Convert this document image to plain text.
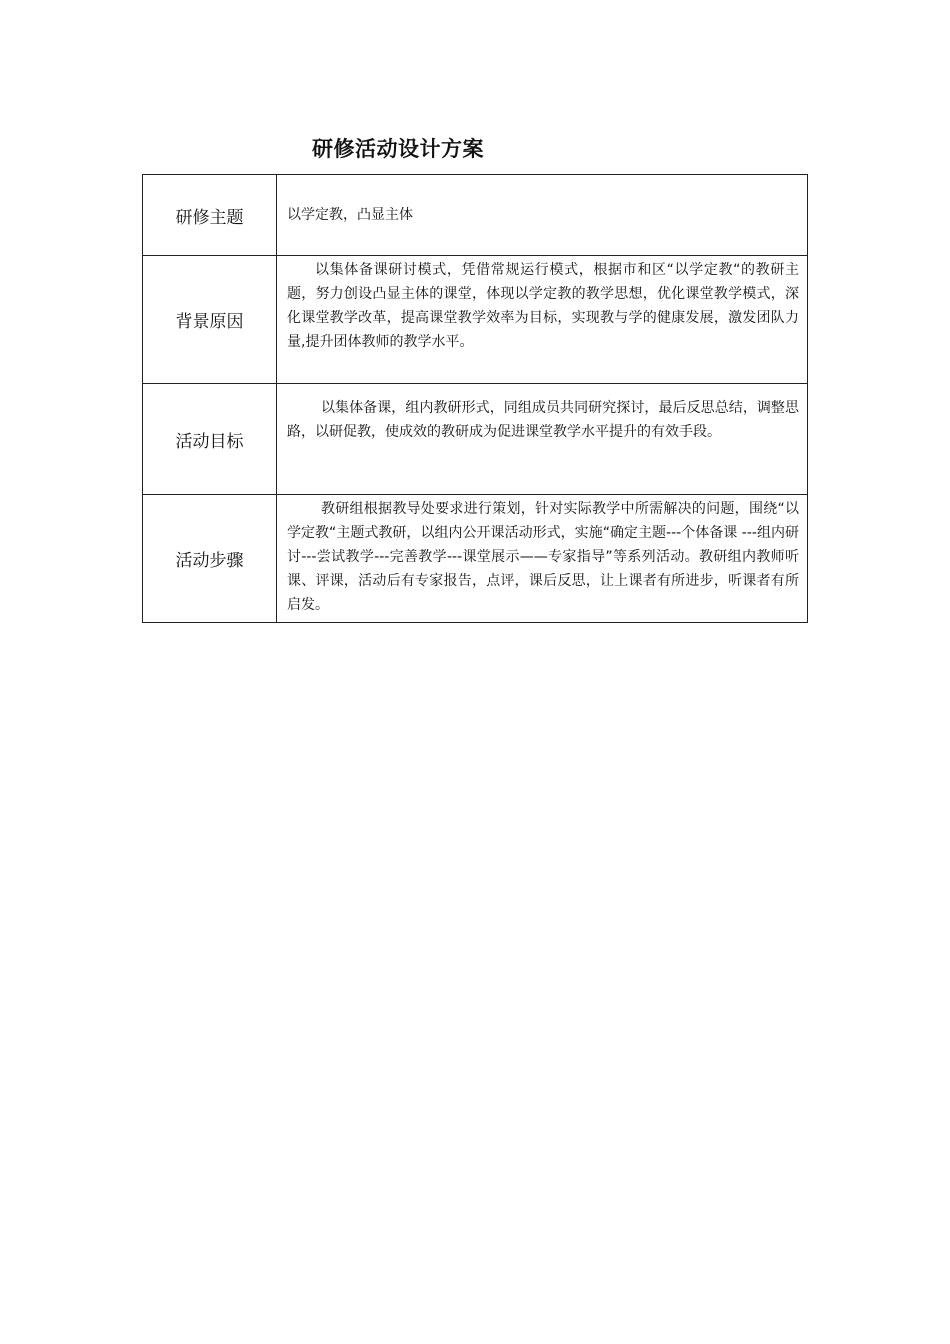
研修活动设计方案
研修主题	以学定教，凸显主体

背景原因	以集体备课研讨模式，凭借常规运行模式，根据市和区“以学定教“的教研主题，努力创设凸显主体的课堂，体现以学定教的教学思想，优化课堂教学模式，深化课堂教学改革，提高课堂教学效率为目标，实现教与学的健康发展，激发团队力量,提升团体教师的教学水平。

活动目标	以集体备课，组内教研形式，同组成员共同研究探讨，最后反思总结，调整思路，以研促教，使成效的教研成为促进课堂教学水平提升的有效手段。

活动步骤	教研组根据教导处要求进行策划，针对实际教学中所需解决的问题，围绕“以学定教“主题式教研，以组内公开课活动形式，实施“确定主题---个体备课 ---组内研讨---尝试教学---完善教学---课堂展示——专家指导”等系列活动。教研组内教师听课、评课，活动后有专家报告，点评，课后反思，让上课者有所进步，听课者有所启发。
